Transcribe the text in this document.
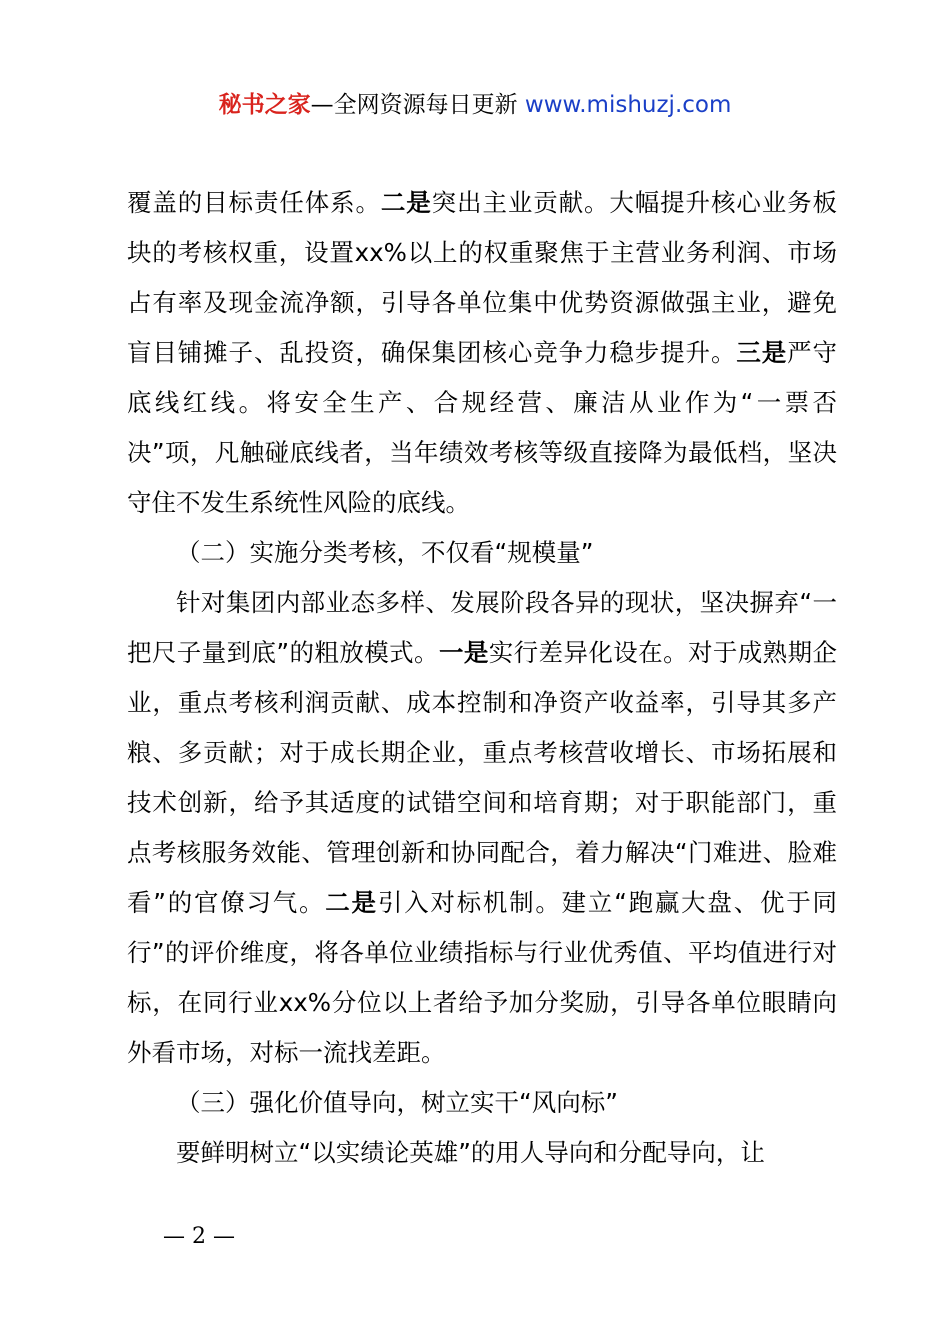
秘书之家—全网资源每日更新 www.mishuzj.com

覆盖的目标责任体系。二是突出主业贡献。大幅提升核心业务板块的考核权重，设置xx%以上的权重聚焦于主营业务利润、市场占有率及现金流净额，引导各单位集中优势资源做强主业，避免盲目铺摊子、乱投资，确保集团核心竞争力稳步提升。三是严守底线红线。将安全生产、合规经营、廉洁从业作为“一票否决”项，凡触碰底线者，当年绩效考核等级直接降为最低档，坚决守住不发生系统性风险的底线。

（二）实施分类考核，不仅看“规模量”

针对集团内部业态多样、发展阶段各异的现状，坚决摒弃“一把尺子量到底”的粗放模式。一是实行差异化设在。对于成熟期企业，重点考核利润贡献、成本控制和净资产收益率，引导其多产粮、多贡献；对于成长期企业，重点考核营收增长、市场拓展和技术创新，给予其适度的试错空间和培育期；对于职能部门，重点考核服务效能、管理创新和协同配合，着力解决“门难进、脸难看”的官僚习气。二是引入对标机制。建立“跑赢大盘、优于同行”的评价维度，将各单位业绩指标与行业优秀值、平均值进行对标，在同行业xx%分位以上者给予加分奖励，引导各单位眼睛向外看市场，对标一流找差距。

（三）强化价值导向，树立实干“风向标”

要鲜明树立“以实绩论英雄”的用人导向和分配导向，让

— 2 —
